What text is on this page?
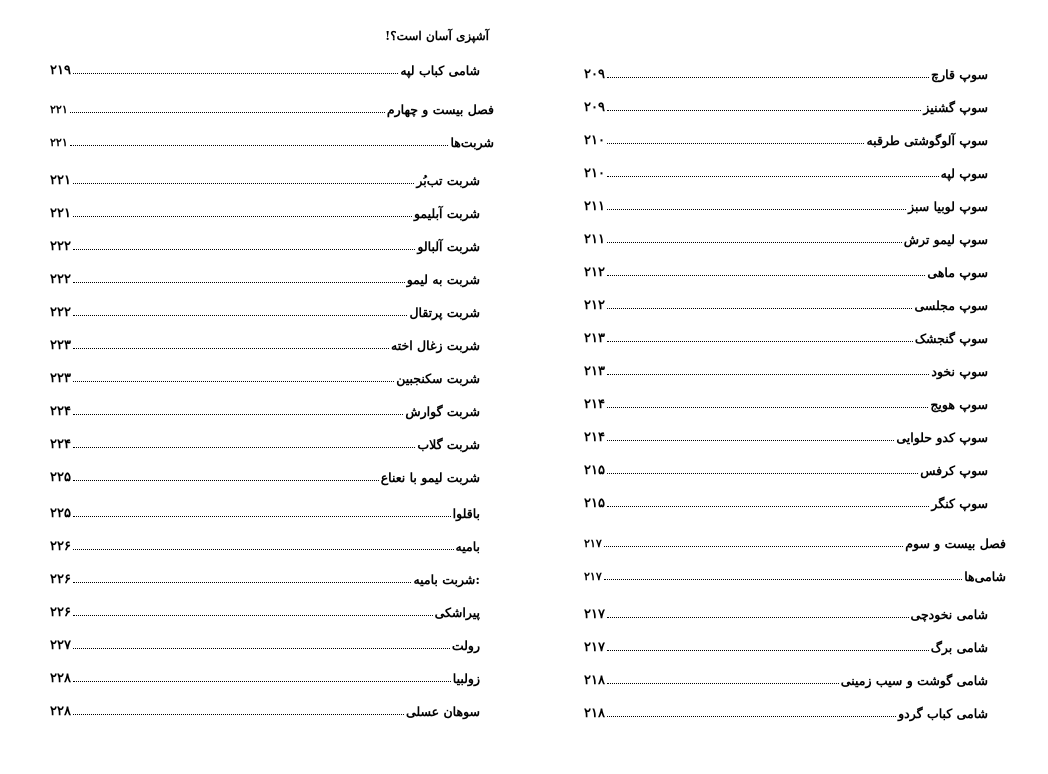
آشپزی آسان است؟!
سوپ قارچ
۲۰۹
سوپ گشنیز
۲۰۹
سوپ آلوگوشتی طرقبه
۲۱۰
سوپ لپه
۲۱۰
سوپ لوبیا سبز
۲۱۱
سوپ لیمو ترش
۲۱۱
سوپ ماهی
۲۱۲
سوپ مجلسی
۲۱۲
سوپ گنجشک
۲۱۳
سوپ نخود
۲۱۳
سوپ هویج
۲۱۴
سوپ کدو حلوایی
۲۱۴
سوپ کرفس
۲۱۵
سوپ کنگر
۲۱۵
فصل بیست و سوم
۲۱۷
شامی‌ها
۲۱۷
شامی نخودچی
۲۱۷
شامی برگ
۲۱۷
شامی گوشت و سیب زمینی
۲۱۸
شامی کباب گردو
۲۱۸
شامی کباب لپه
۲۱۹
فصل بیست و چهارم
۲۲۱
شربت‌ها
۲۲۱
شربت تب‌بُر
۲۲۱
شربت آبلیمو
۲۲۱
شربت آلبالو
۲۲۲
شربت به لیمو
۲۲۲
شربت پرتقال
۲۲۲
شربت زغال اخته
۲۲۳
شربت سکنجبین
۲۲۳
شربت گوارش
۲۲۴
شربت گلاب
۲۲۴
شربت لیمو با نعناع
۲۲۵
باقلوا
۲۲۵
بامیه
۲۲۶
شربت بامیه:
۲۲۶
پیراشکی
۲۲۶
رولت
۲۲۷
زولبیا
۲۲۸
سوهان عسلی
۲۲۸
